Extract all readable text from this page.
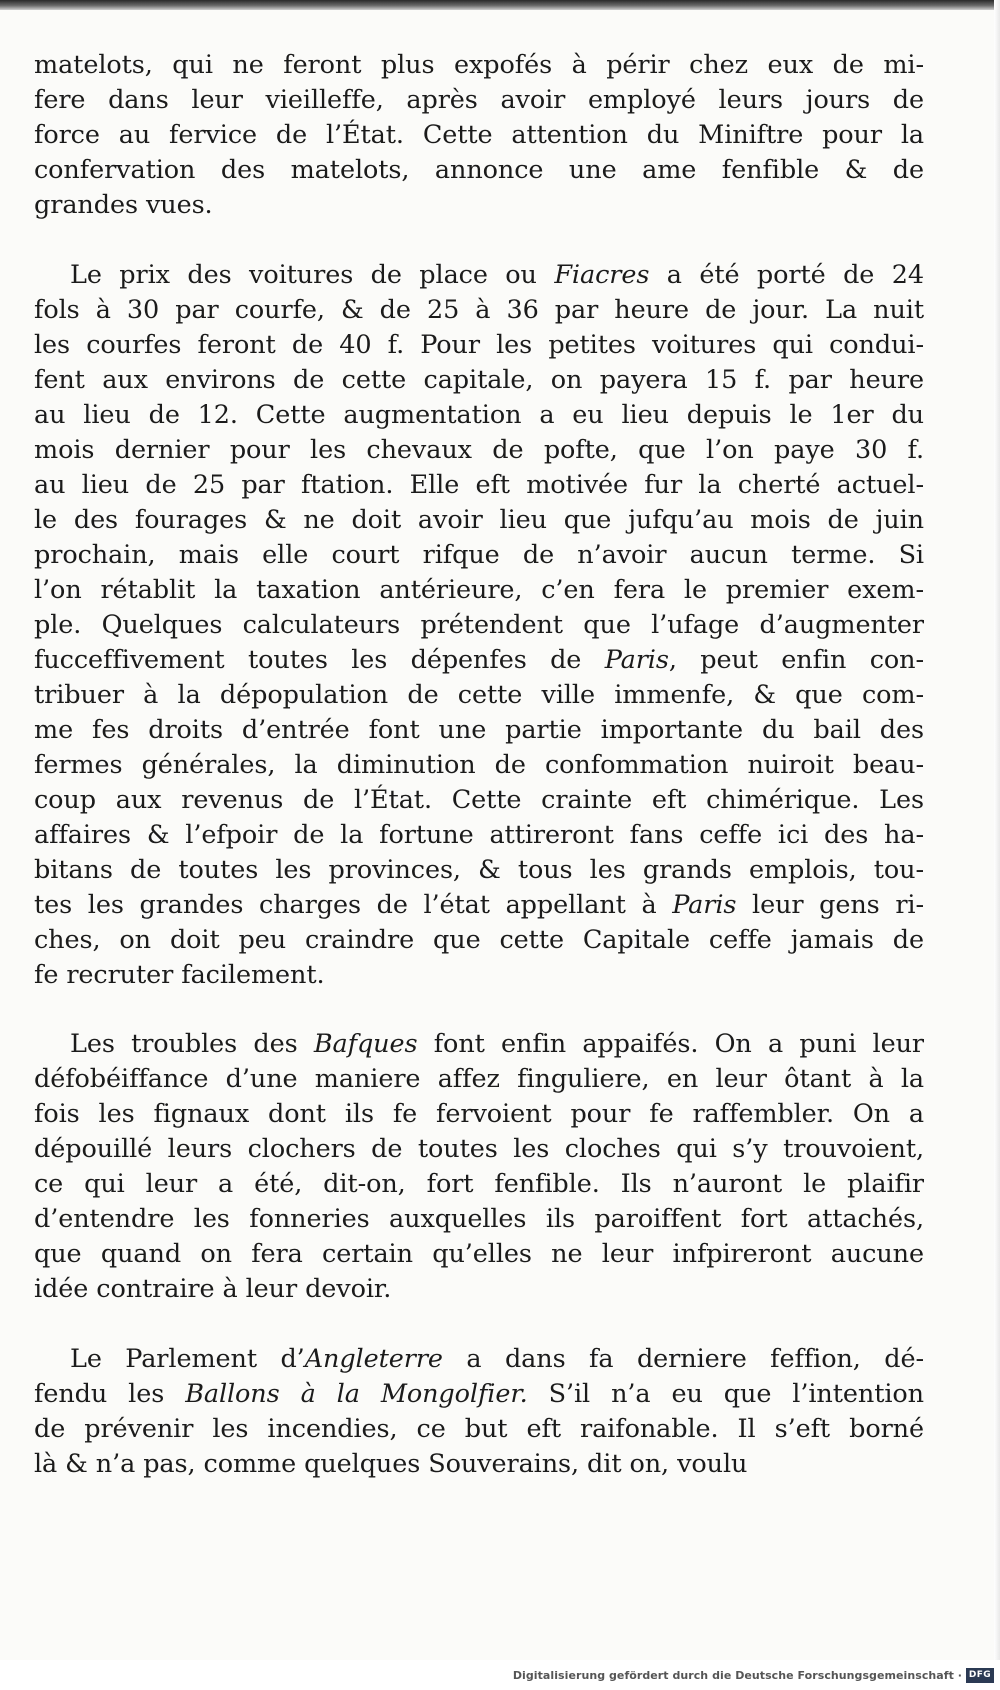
matelots, qui ne feront plus expofés à périr chez eux de mi-
fere dans leur vieilleffe, après avoir employé leurs jours de
force au fervice de l’État. Cette attention du Miniftre pour la
confervation des matelots, annonce une ame fenfible & de
grandes vues.

Le prix des voitures de place ou Fiacres a été porté de 24
fols à 30 par courfe, & de 25 à 36 par heure de jour. La nuit
les courfes feront de 40 f. Pour les petites voitures qui condui-
fent aux environs de cette capitale, on payera 15 f. par heure
au lieu de 12. Cette augmentation a eu lieu depuis le 1er du
mois dernier pour les chevaux de pofte, que l’on paye 30 f.
au lieu de 25 par ftation. Elle eft motivée fur la cherté actuel-
le des fourages & ne doit avoir lieu que jufqu’au mois de juin
prochain, mais elle court rifque de n’avoir aucun terme. Si
l’on rétablit la taxation antérieure, c’en fera le premier exem-
ple. Quelques calculateurs prétendent que l’ufage d’augmenter
fucceffivement toutes les dépenfes de Paris, peut enfin con-
tribuer à la dépopulation de cette ville immenfe, & que com-
me fes droits d’entrée font une partie importante du bail des
fermes générales, la diminution de confommation nuiroit beau-
coup aux revenus de l’État. Cette crainte eft chimérique. Les
affaires & l’efpoir de la fortune attireront fans ceffe ici des ha-
bitans de toutes les provinces, & tous les grands emplois, tou-
tes les grandes charges de l’état appellant à Paris leur gens ri-
ches, on doit peu craindre que cette Capitale ceffe jamais de
fe recruter facilement.

Les troubles des Bafques font enfin appaifés. On a puni leur
défobéiffance d’une maniere affez finguliere, en leur ôtant à la
fois les fignaux dont ils fe fervoient pour fe raffembler. On a
dépouillé leurs clochers de toutes les cloches qui s’y trouvoient,
ce qui leur a été, dit-on, fort fenfible. Ils n’auront le plaifir
d’entendre les fonneries auxquelles ils paroiffent fort attachés,
que quand on fera certain qu’elles ne leur infpireront aucune
idée contraire à leur devoir.

Le Parlement d’Angleterre a dans fa derniere feffion, dé-
fendu les Ballons à la Mongolfier. S’il n’a eu que l’intention
de prévenir les incendies, ce but eft raifonable. Il s’eft borné
là & n’a pas, comme quelques Souverains, dit on, voulu

Digitalisierung gefördert durch die Deutsche Forschungsgemeinschaft · DFG
